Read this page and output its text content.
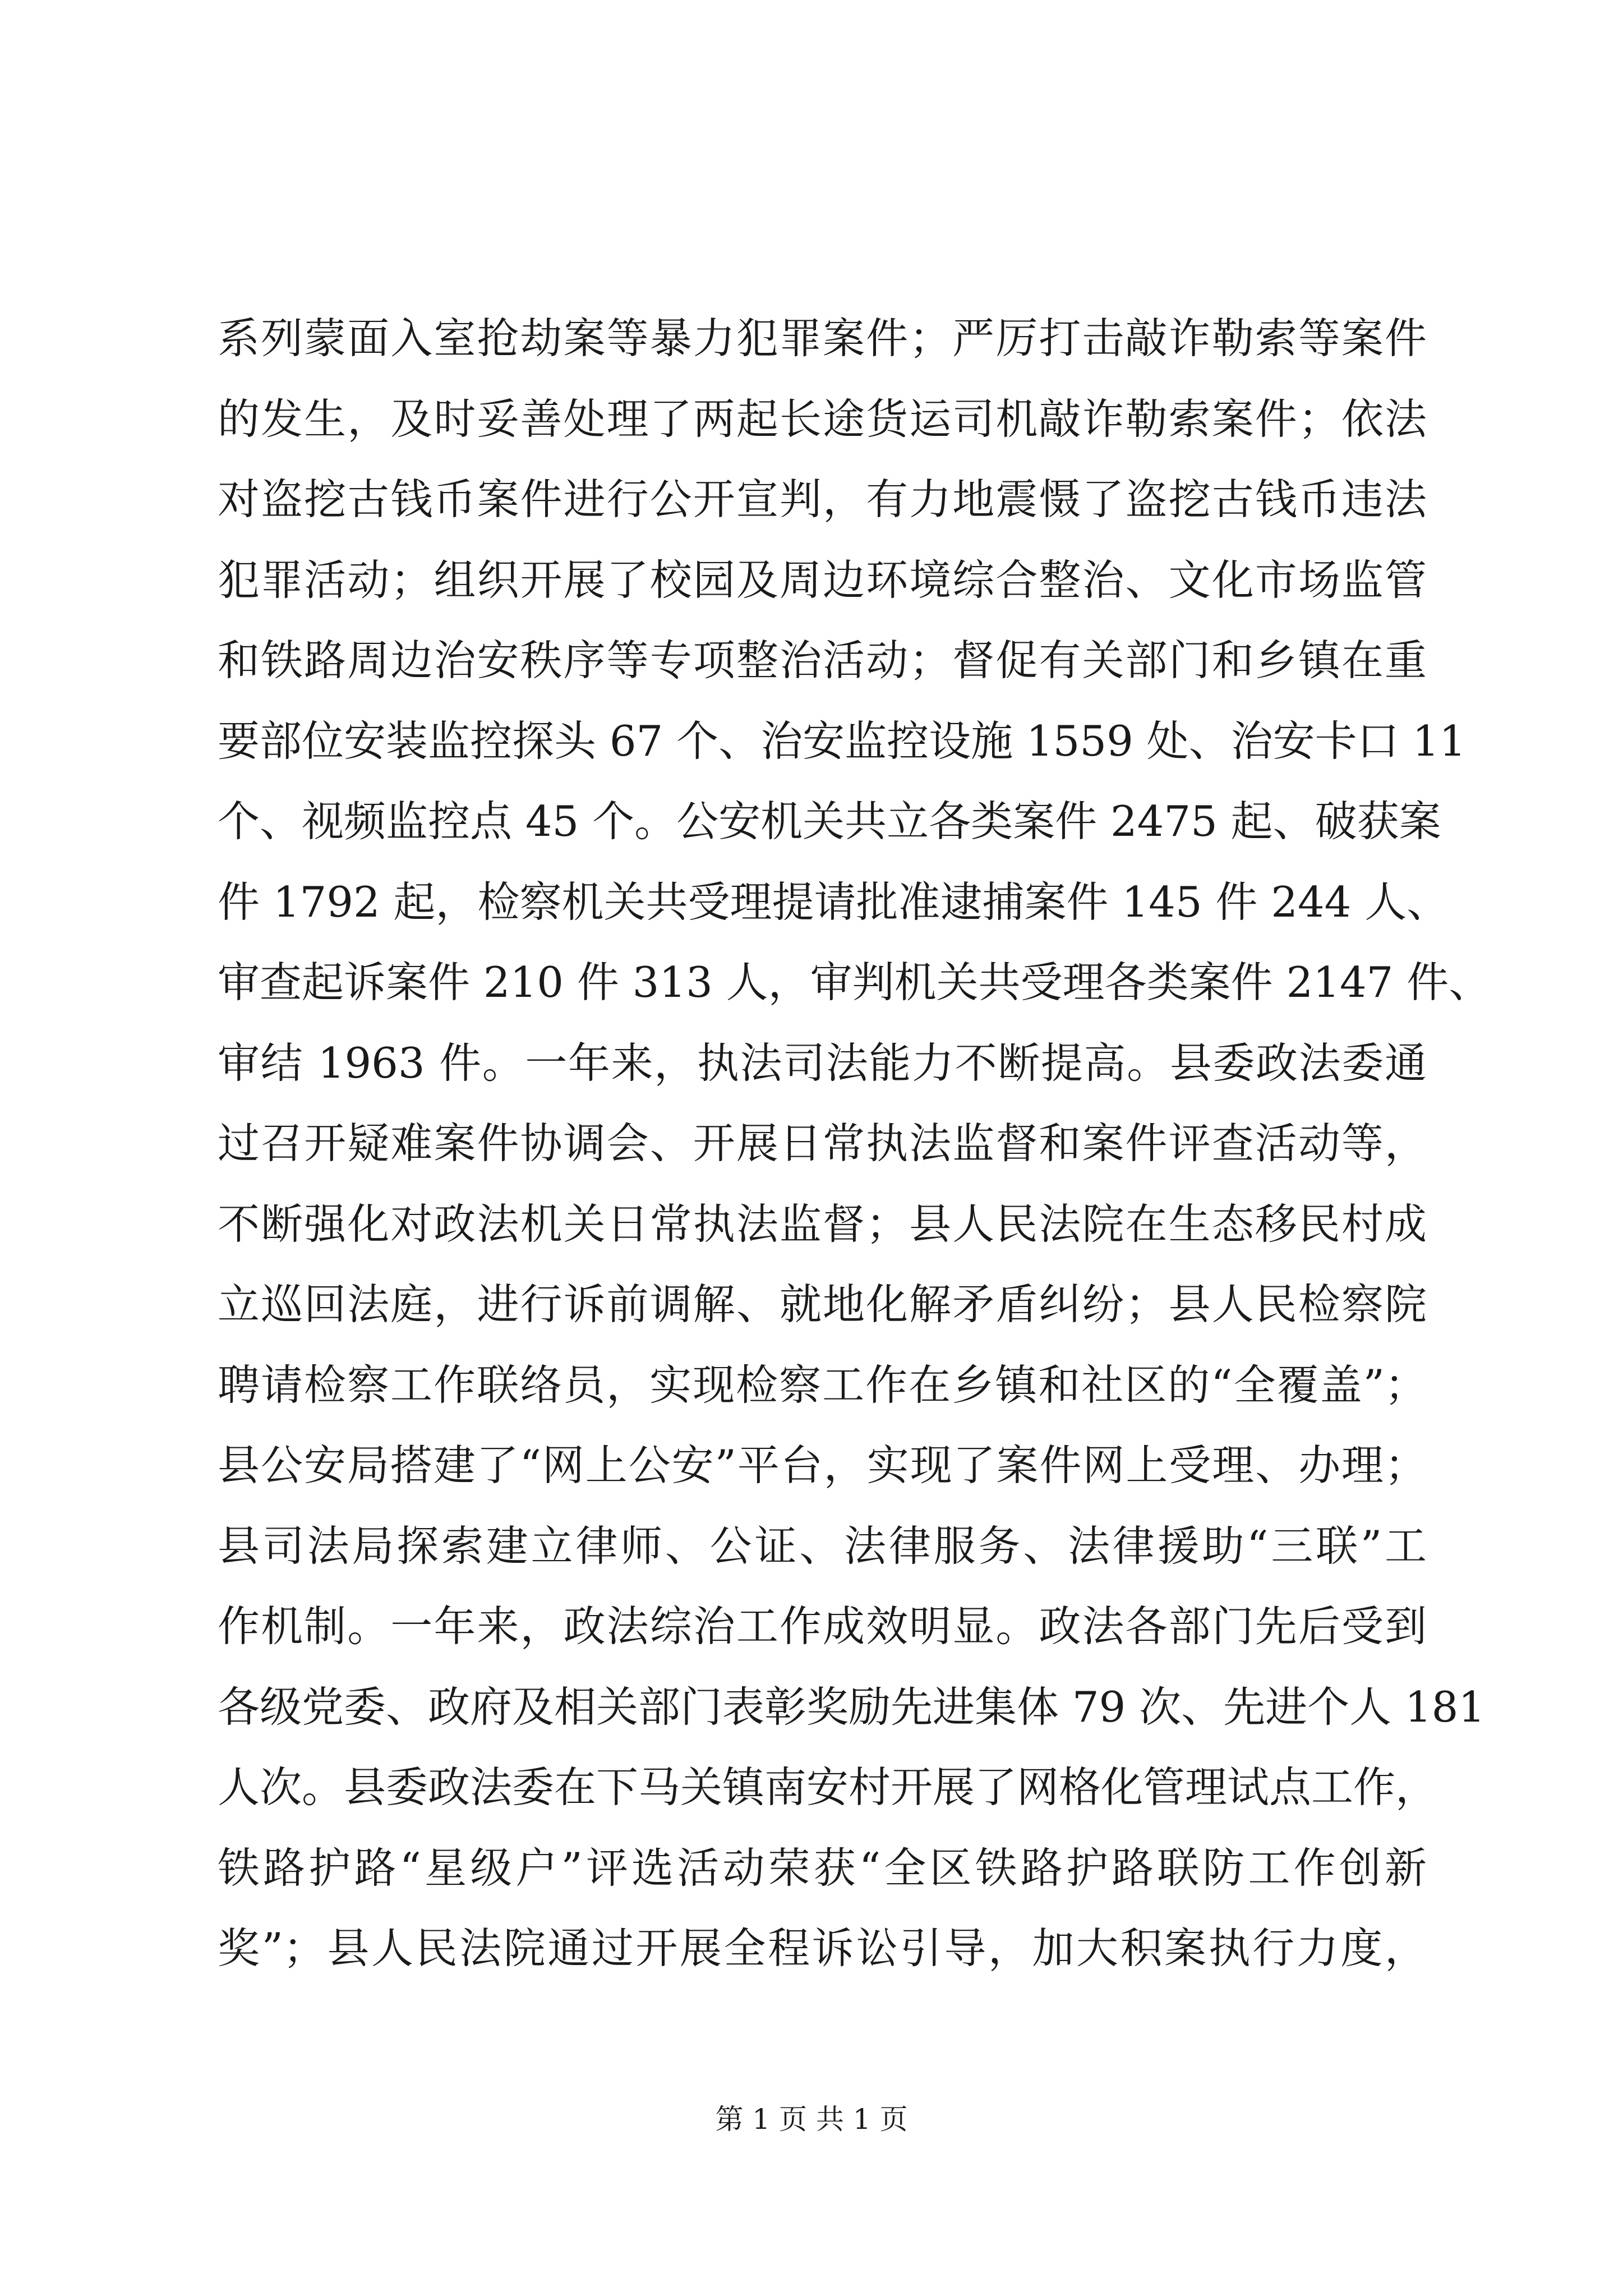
系列蒙面入室抢劫案等暴力犯罪案件；严厉打击敲诈勒索等案件
的发生，及时妥善处理了两起长途货运司机敲诈勒索案件；依法
对盗挖古钱币案件进行公开宣判，有力地震慑了盗挖古钱币违法
犯罪活动；组织开展了校园及周边环境综合整治、文化市场监管
和铁路周边治安秩序等专项整治活动；督促有关部门和乡镇在重
要部位安装监控探头 67 个、治安监控设施 1559 处、治安卡口 11
个、视频监控点 45 个。公安机关共立各类案件 2475 起、破获案
件 1792 起，检察机关共受理提请批准逮捕案件 145 件 244 人、
审查起诉案件 210 件 313 人，审判机关共受理各类案件 2147 件、
审结 1963 件。一年来，执法司法能力不断提高。县委政法委通
过召开疑难案件协调会、开展日常执法监督和案件评查活动等，
不断强化对政法机关日常执法监督；县人民法院在生态移民村成
立巡回法庭，进行诉前调解、就地化解矛盾纠纷；县人民检察院
聘请检察工作联络员，实现检察工作在乡镇和社区的“全覆盖”；
县公安局搭建了“网上公安”平台，实现了案件网上受理、办理；
县司法局探索建立律师、公证、法律服务、法律援助“三联”工
作机制。一年来，政法综治工作成效明显。政法各部门先后受到
各级党委、政府及相关部门表彰奖励先进集体 79 次、先进个人 181
人次。县委政法委在下马关镇南安村开展了网格化管理试点工作，
铁路护路“星级户”评选活动荣获“全区铁路护路联防工作创新
奖”；县人民法院通过开展全程诉讼引导，加大积案执行力度，
第 1 页 共 1 页
